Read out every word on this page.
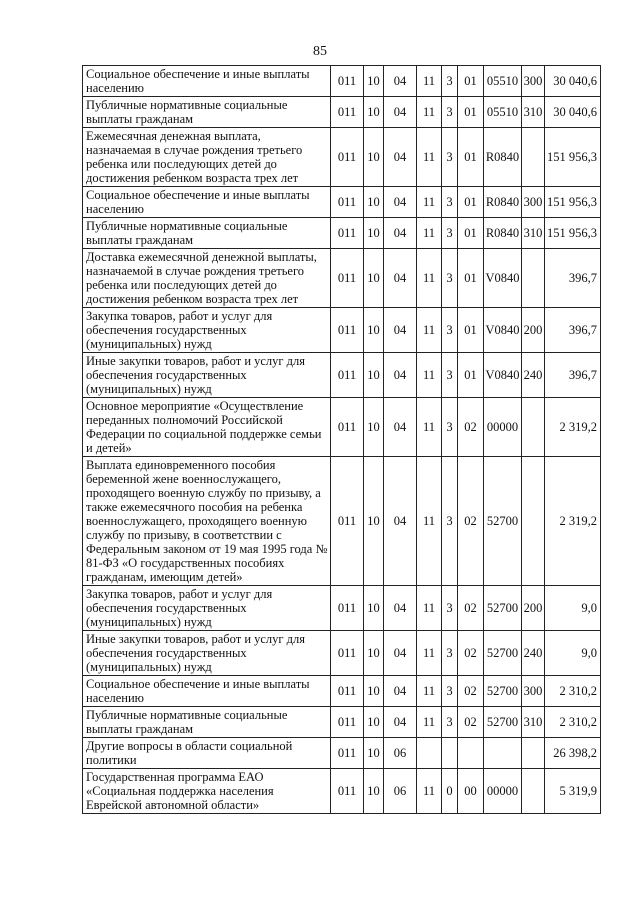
85
Социальное обеспечение и иные выплаты населению	011	10	04	11	3	01	05510	300	30 040,6
Публичные нормативные социальные выплаты гражданам	011	10	04	11	3	01	05510	310	30 040,6
Ежемесячная денежная выплата, назначаемая в случае рождения третьего ребенка или последующих детей до достижения ребенком возраста трех лет	011	10	04	11	3	01	R0840		151 956,3
Социальное обеспечение и иные выплаты населению	011	10	04	11	3	01	R0840	300	151 956,3
Публичные нормативные социальные выплаты гражданам	011	10	04	11	3	01	R0840	310	151 956,3
Доставка ежемесячной денежной выплаты, назначаемой в случае рождения третьего ребенка или последующих детей до достижения ребенком возраста трех лет	011	10	04	11	3	01	V0840		396,7
Закупка товаров, работ и услуг для обеспечения государственных (муниципальных) нужд	011	10	04	11	3	01	V0840	200	396,7
Иные закупки товаров, работ и услуг для обеспечения государственных (муниципальных) нужд	011	10	04	11	3	01	V0840	240	396,7
Основное мероприятие «Осуществление переданных полномочий Российской Федерации по социальной поддержке семьи и детей»	011	10	04	11	3	02	00000		2 319,2
Выплата единовременного пособия беременной жене военнослужащего, проходящего военную службу по призыву, а также ежемесячного пособия на ребенка военнослужащего, проходящего военную службу по призыву, в соответствии с Федеральным законом от 19 мая 1995 года № 81-ФЗ «О государственных пособиях гражданам, имеющим детей»	011	10	04	11	3	02	52700		2 319,2
Закупка товаров, работ и услуг для обеспечения государственных (муниципальных) нужд	011	10	04	11	3	02	52700	200	9,0
Иные закупки товаров, работ и услуг для обеспечения государственных (муниципальных) нужд	011	10	04	11	3	02	52700	240	9,0
Социальное обеспечение и иные выплаты населению	011	10	04	11	3	02	52700	300	2 310,2
Публичные нормативные социальные выплаты гражданам	011	10	04	11	3	02	52700	310	2 310,2
Другие вопросы в области социальной политики	011	10	06						26 398,2
Государственная программа ЕАО «Социальная поддержка населения Еврейской автономной области»	011	10	06	11	0	00	00000		5 319,9
